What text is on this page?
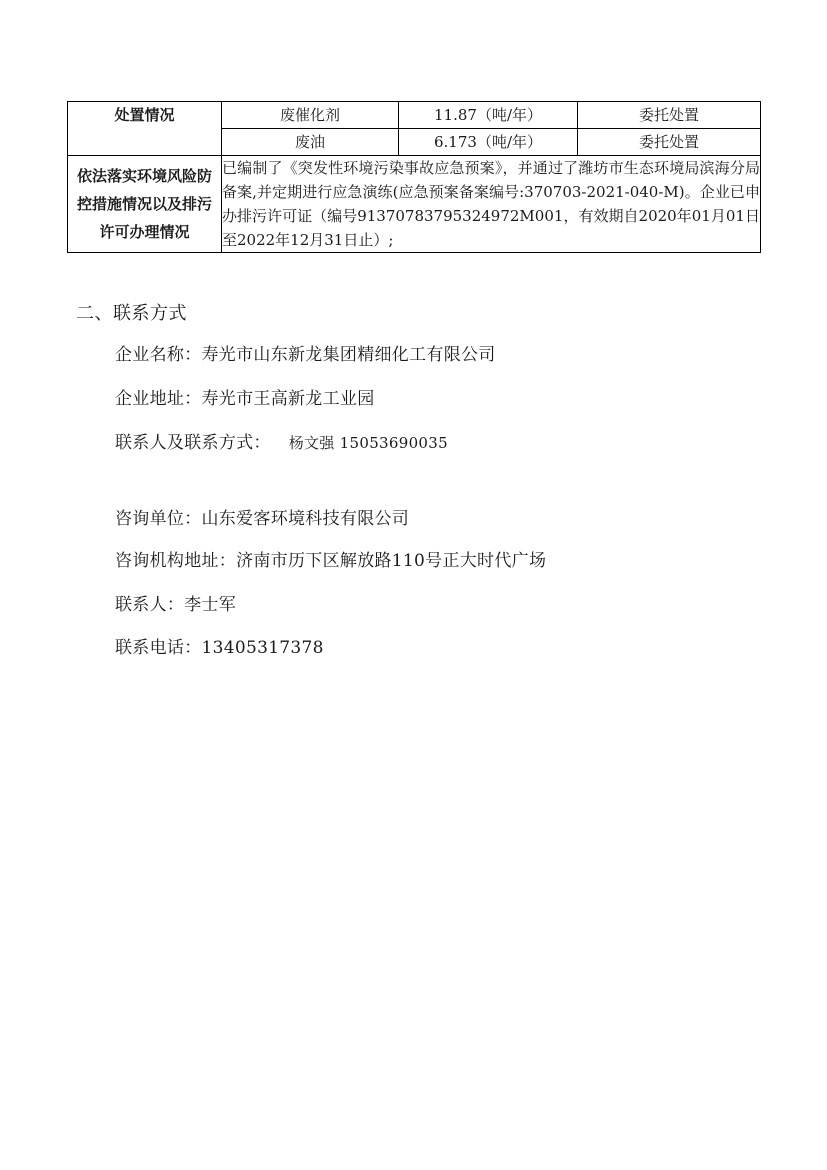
处置情况	废催化剂	11.87（吨/年）	委托处置
	废油	6.173（吨/年）	委托处置
依法落实环境风险防控措施情况以及排污许可办理情况	已编制了《突发性环境污染事故应急预案》，并通过了潍坊市生态环境局滨海分局备案,并定期进行应急演练(应急预案备案编号:370703-2021-040-M)。企业已申办排污许可证（编号91370783795324972M001，有效期自2020年01月01日至2022年12月31日止）;		
二、联系方式
企业名称：寿光市山东新龙集团精细化工有限公司
企业地址：寿光市王高新龙工业园
联系人及联系方式： 杨文强 15053690035
咨询单位：山东爱客环境科技有限公司
咨询机构地址：济南市历下区解放路110号正大时代广场
联系人：李士军
联系电话：13405317378
